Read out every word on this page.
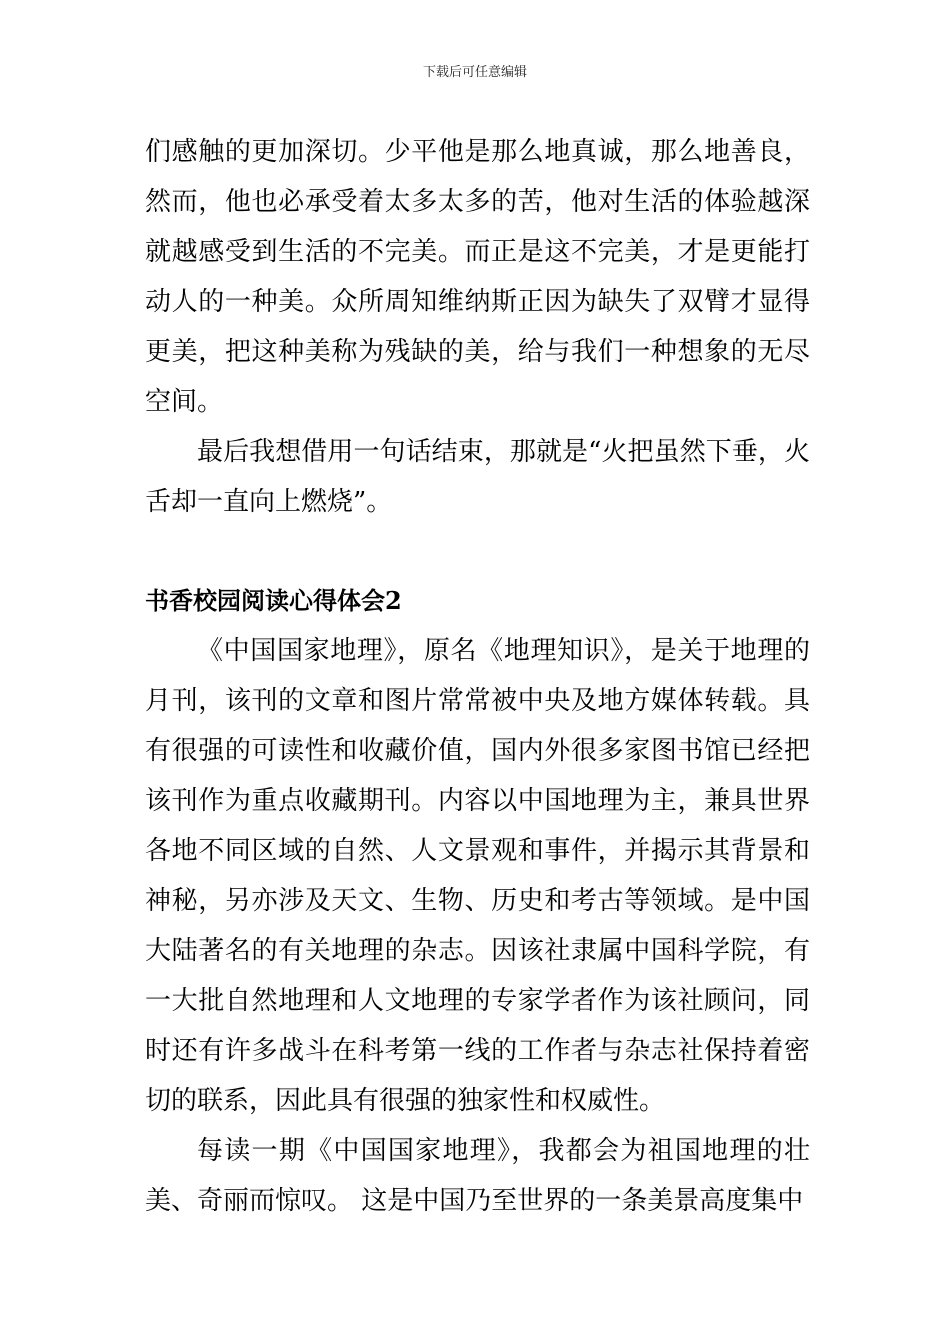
下载后可任意编辑

们感触的更加深切。少平他是那么地真诚，那么地善良，然而，他也必承受着太多太多的苦，他对生活的体验越深就越感受到生活的不完美。而正是这不完美，才是更能打动人的一种美。众所周知维纳斯正因为缺失了双臂才显得更美，把这种美称为残缺的美，给与我们一种想象的无尽空间。

最后我想借用一句话结束，那就是“火把虽然下垂，火舌却一直向上燃烧”。

书香校园阅读心得体会2

《中国国家地理》，原名《地理知识》，是关于地理的月刊，该刊的文章和图片常常被中央及地方媒体转载。具有很强的可读性和收藏价值，国内外很多家图书馆已经把该刊作为重点收藏期刊。内容以中国地理为主，兼具世界各地不同区域的自然、人文景观和事件，并揭示其背景和神秘，另亦涉及天文、生物、历史和考古等领域。是中国大陆著名的有关地理的杂志。因该社隶属中国科学院，有一大批自然地理和人文地理的专家学者作为该社顾问，同时还有许多战斗在科考第一线的工作者与杂志社保持着密切的联系，因此具有很强的独家性和权威性。

每读一期《中国国家地理》，我都会为祖国地理的壮美、奇丽而惊叹。 这是中国乃至世界的一条美景高度集中
